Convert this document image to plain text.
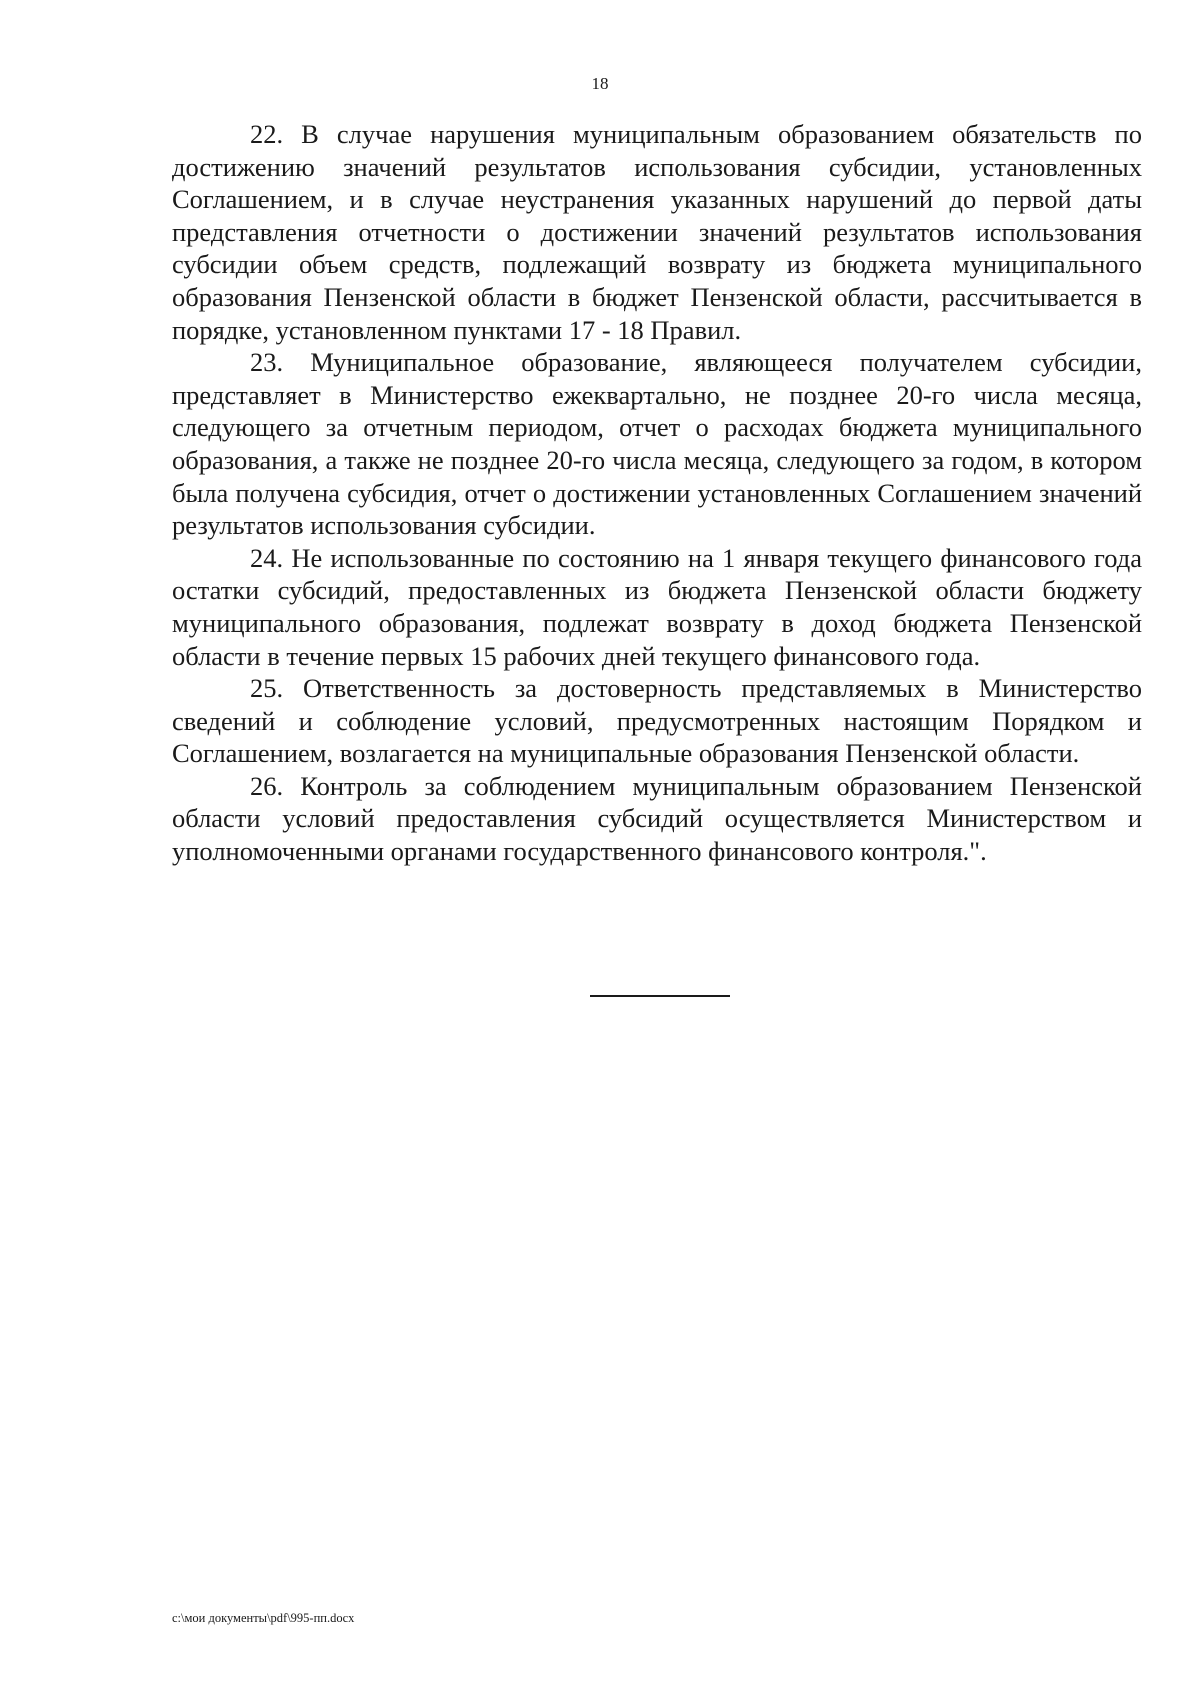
18

22. В случае нарушения муниципальным образованием обязательств по достижению значений результатов использования субсидии, установленных Соглашением, и в случае неустранения указанных нарушений до первой даты представления отчетности о достижении значений результатов использования субсидии объем средств, подлежащий возврату из бюджета муниципального образования Пензенской области в бюджет Пензенской области, рассчитывается в порядке, установленном пунктами 17 - 18 Правил.

23. Муниципальное образование, являющееся получателем субсидии, представляет в Министерство ежеквартально, не позднее 20-го числа месяца, следующего за отчетным периодом, отчет о расходах бюджета муниципального образования, а также не позднее 20-го числа месяца, следующего за годом, в котором была получена субсидия, отчет о достижении установленных Соглашением значений результатов использования субсидии.

24. Не использованные по состоянию на 1 января текущего финансового года остатки субсидий, предоставленных из бюджета Пензенской области бюджету муниципального образования, подлежат возврату в доход бюджета Пензенской области в течение первых 15 рабочих дней текущего финансового года.

25. Ответственность за достоверность представляемых в Министерство сведений и соблюдение условий, предусмотренных настоящим Порядком и Соглашением, возлагается на муниципальные образования Пензенской области.

26. Контроль за соблюдением муниципальным образованием Пензенской области условий предоставления субсидий осуществляется Министерством и уполномоченными органами государственного финансового контроля.".

c:\мои документы\pdf\995-пп.docx
